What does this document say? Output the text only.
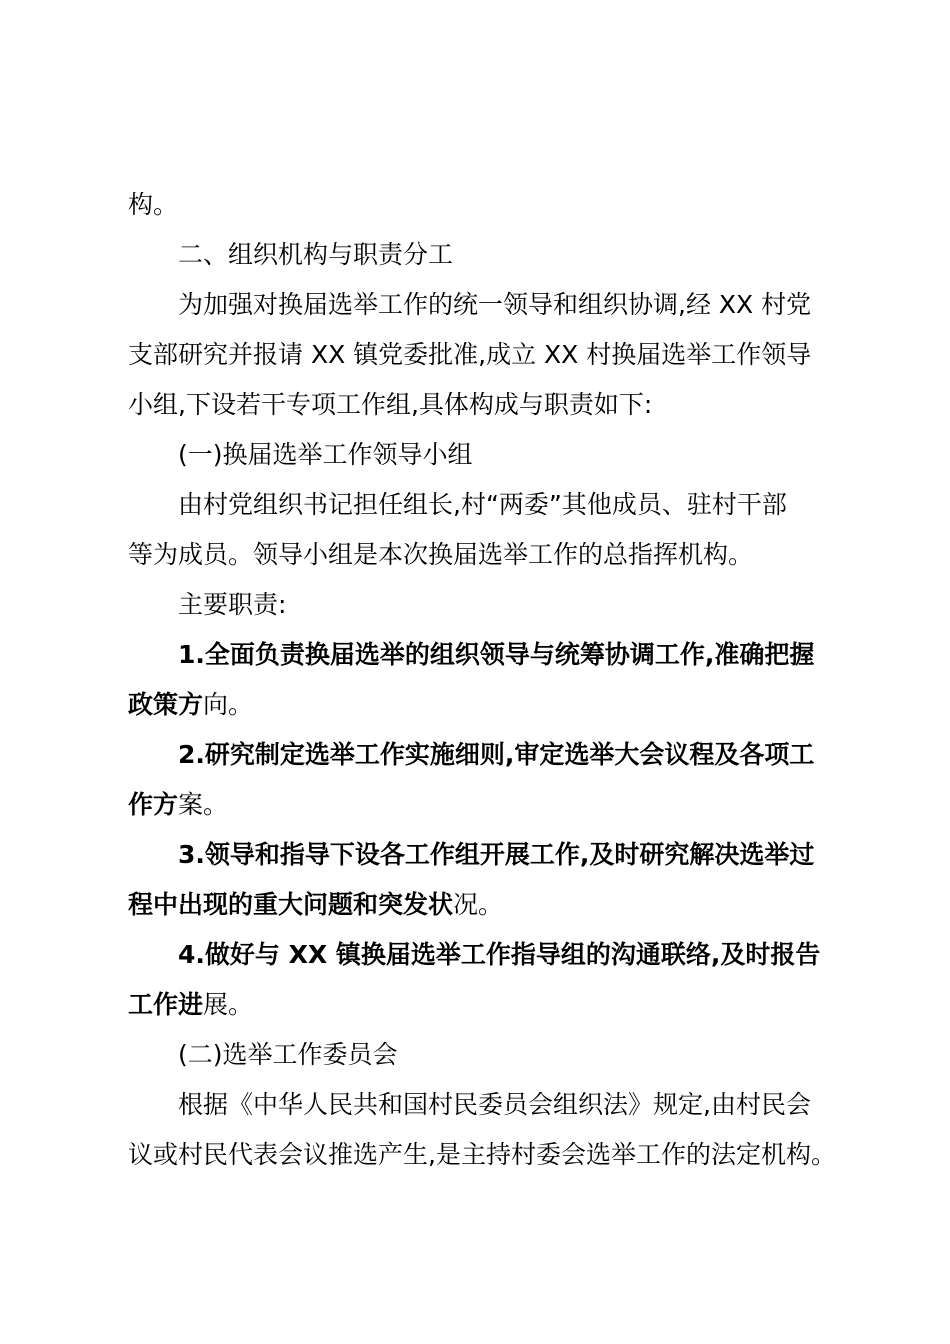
构。
二、组织机构与职责分工
为加强对换届选举工作的统一领导和组织协调,经 XX 村党
支部研究并报请 XX 镇党委批准,成立 XX 村换届选举工作领导
小组,下设若干专项工作组,具体构成与职责如下:
(一)换届选举工作领导小组
由村党组织书记担任组长,村“两委”其他成员、驻村干部
等为成员。领导小组是本次换届选举工作的总指挥机构。
主要职责:
1.全面负责换届选举的组织领导与统筹协调工作,准确把握
政策方向。
2.研究制定选举工作实施细则,审定选举大会议程及各项工
作方案。
3.领导和指导下设各工作组开展工作,及时研究解决选举过
程中出现的重大问题和突发状况。
4.做好与 XX 镇换届选举工作指导组的沟通联络,及时报告
工作进展。
(二)选举工作委员会
根据《中华人民共和国村民委员会组织法》规定,由村民会
议或村民代表会议推选产生,是主持村委会选举工作的法定机构。
